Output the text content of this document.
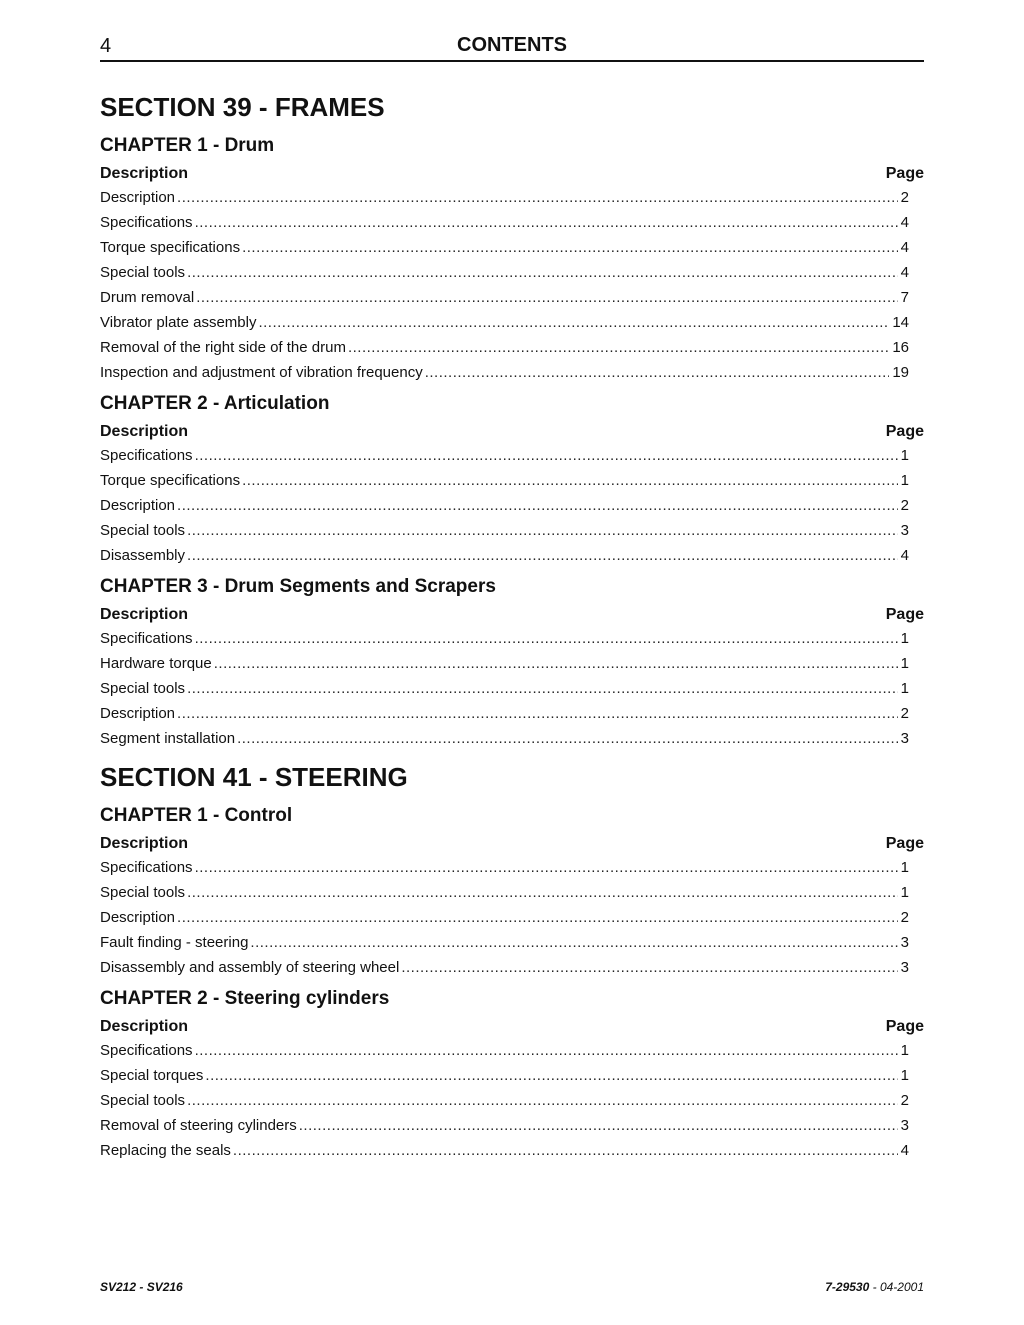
4	CONTENTS
SECTION 39 - FRAMES
CHAPTER 1 - Drum
Description	Page
Description .....	2
Specifications .....	4
Torque specifications .....	4
Special tools .....	4
Drum removal .....	7
Vibrator plate assembly .....	14
Removal of the right side of the drum .....	16
Inspection and adjustment of vibration frequency .....	19
CHAPTER 2 - Articulation
Description	Page
Specifications .....	1
Torque specifications .....	1
Description .....	2
Special tools .....	3
Disassembly .....	4
CHAPTER 3 - Drum Segments and Scrapers
Description	Page
Specifications .....	1
Hardware torque .....	1
Special tools .....	1
Description .....	2
Segment installation .....	3
SECTION 41 - STEERING
CHAPTER 1 - Control
Description	Page
Specifications .....	1
Special tools .....	1
Description .....	2
Fault finding - steering .....	3
Disassembly and assembly of steering wheel .....	3
CHAPTER 2 - Steering cylinders
Description	Page
Specifications .....	1
Special torques .....	1
Special tools .....	2
Removal of steering cylinders .....	3
Replacing the seals .....	4
SV212 - SV216	7-29530 - 04-2001
